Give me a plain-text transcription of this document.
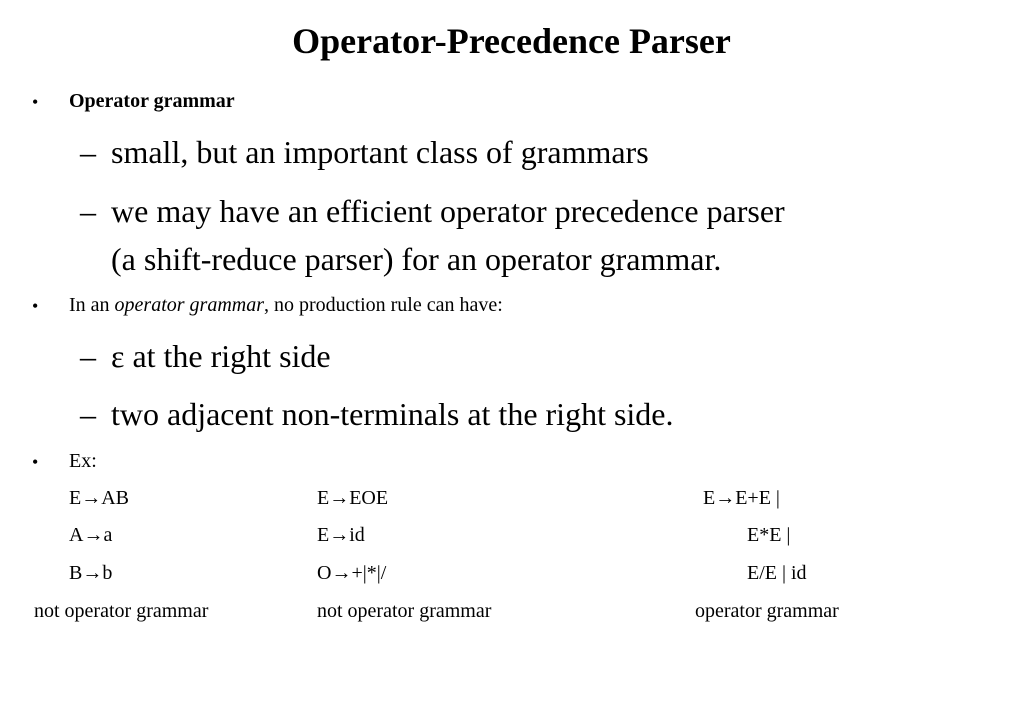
Operator-Precedence Parser
• Operator grammar
– small, but an important class of grammars
– we may have an efficient operator precedence parser
(a shift-reduce parser) for an operator grammar.
• In an operator grammar, no production rule can have:
– ε at the right side
– two adjacent non-terminals at the right side.
• Ex:
E→AB
A→a
B→b
E→EOE
E→id
O→+|*|/
E→E+E |
E*E |
E/E | id
not operator grammar	not operator grammar	operator grammar
